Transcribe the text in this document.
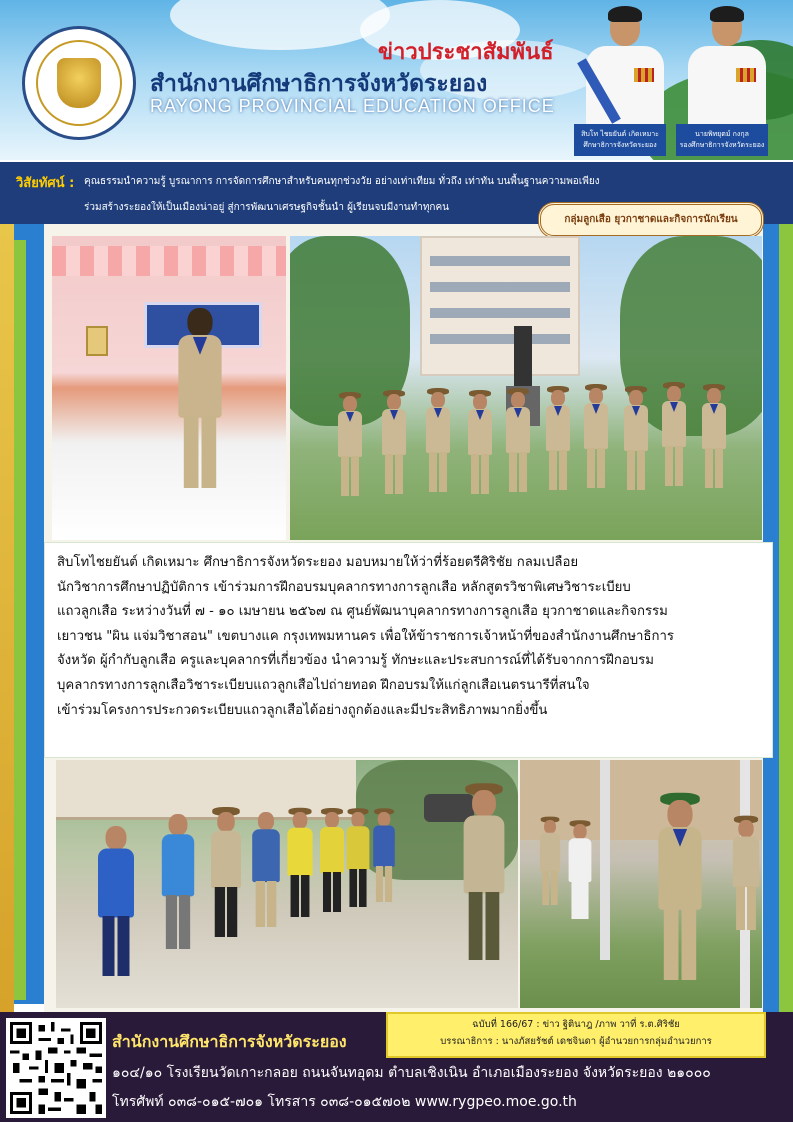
ข่าวประชาสัมพันธ์
สำนักงานศึกษาธิการจังหวัดระยอง
RAYONG PROVINCIAL EDUCATION OFFICE
สิบโท ไชยยันต์ เกิดเหมาะ
ศึกษาธิการจังหวัดระยอง
นายพิทยุตม์ กงกุล
รองศึกษาธิการจังหวัดระยอง
วิสัยทัศน์ : คุณธรรมนำความรู้ บูรณาการ การจัดการศึกษาสำหรับคนทุกช่วงวัย อย่างเท่าเทียม ทั่วถึง เท่าทัน บนพื้นฐานความพอเพียง
ร่วมสร้างระยองให้เป็นเมืองน่าอยู่ สู่การพัฒนาเศรษฐกิจชั้นนำ ผู้เรียนจบมีงานทำทุกคน
กลุ่มลูกเสือ ยุวกาชาดและกิจการนักเรียน

สิบโทไชยยันต์ เกิดเหมาะ ศึกษาธิการจังหวัดระยอง มอบหมายให้ว่าที่ร้อยตรีศิริชัย กลมเปลือย
นักวิชาการศึกษาปฏิบัติการ เข้าร่วมการฝึกอบรมบุคลากรทางการลูกเสือ หลักสูตรวิชาพิเศษวิชาระเบียบ
แถวลูกเสือ ระหว่างวันที่ ๗ - ๑๐ เมษายน ๒๕๖๗ ณ ศูนย์พัฒนาบุคลากรทางการลูกเสือ ยุวกาชาดและกิจกรรม
เยาวชน "ผิน แจ่มวิชาสอน" เขตบางแค กรุงเทพมหานคร เพื่อให้ข้าราชการเจ้าหน้าที่ของสำนักงานศึกษาธิการ
จังหวัด ผู้กำกับลูกเสือ ครูและบุคลากรที่เกี่ยวข้อง นำความรู้ ทักษะและประสบการณ์ที่ได้รับจากการฝึกอบรม
บุคลากรทางการลูกเสือวิชาระเบียบแถวลูกเสือไปถ่ายทอด ฝึกอบรมให้แก่ลูกเสือเนตรนารีที่สนใจ
เข้าร่วมโครงการประกวดระเบียบแถวลูกเสือได้อย่างถูกต้องและมีประสิทธิภาพมากยิ่งขึ้น

สำนักงานศึกษาธิการจังหวัดระยอง
๑๐๔/๑๐ โรงเรียนวัดเกาะกลอย ถนนจันทอุดม ตำบลเชิงเนิน อำเภอเมืองระยอง จังหวัดระยอง ๒๑๐๐๐
โทรศัพท์ ๐๓๘-๐๑๕-๗๐๑ โทรสาร ๐๓๘-๐๑๕๗๐๒ www.rygpeo.moe.go.th
ฉบับที่ 166/67 : ข่าว ฐิตินาฎ /ภาพ วาที่ ร.ต.ศิริชัย
บรรณาธิการ : นางภัสยรัชต์ เดชจินดา ผู้อำนวยการกลุ่มอำนวยการ
